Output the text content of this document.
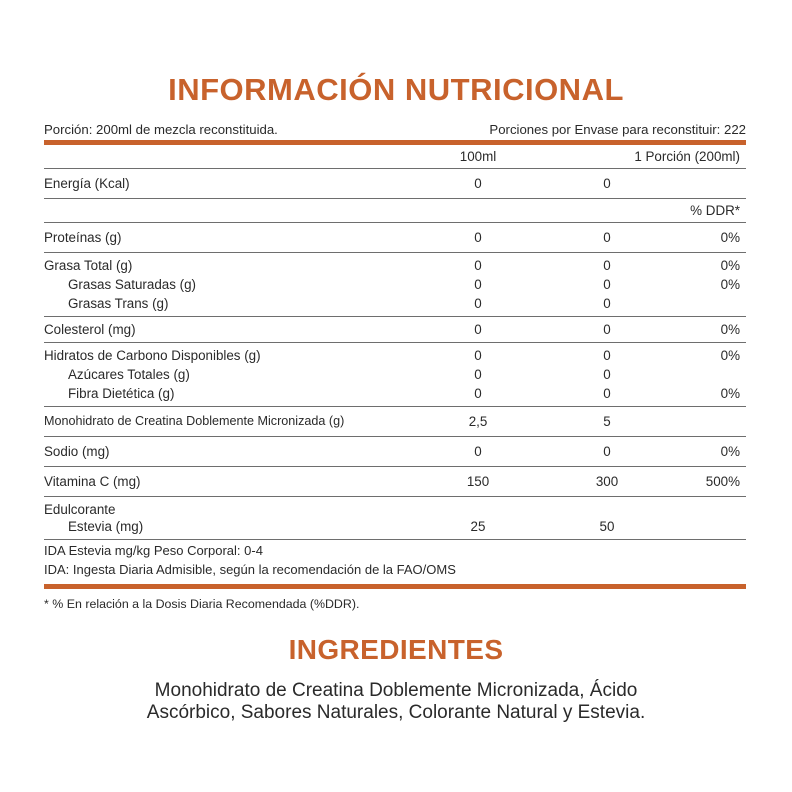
INFORMACIÓN NUTRICIONAL
Porción: 200ml de mezcla reconstituida.	Porciones por Envase para reconstituir: 222
100ml	1 Porción (200ml)
Energía (Kcal)	0	0
% DDR*
Proteínas (g)	0	0	0%
Grasa Total (g)	0	0	0%
Grasas Saturadas (g)	0	0	0%
Grasas Trans (g)	0	0
Colesterol (mg)	0	0	0%
Hidratos de Carbono Disponibles (g)	0	0	0%
Azúcares Totales (g)	0	0
Fibra Dietética (g)	0	0	0%
Monohidrato de Creatina Doblemente Micronizada (g)	2,5	5
Sodio (mg)	0	0	0%
Vitamina C (mg)	150	300	500%
Edulcorante
Estevia (mg)	25	50
IDA Estevia mg/kg Peso Corporal: 0-4
IDA: Ingesta Diaria Admisible, según la recomendación de la FAO/OMS
* % En relación a la Dosis Diaria Recomendada (%DDR).
INGREDIENTES
Monohidrato de Creatina Doblemente Micronizada, Ácido
Ascórbico, Sabores Naturales, Colorante Natural y Estevia.
